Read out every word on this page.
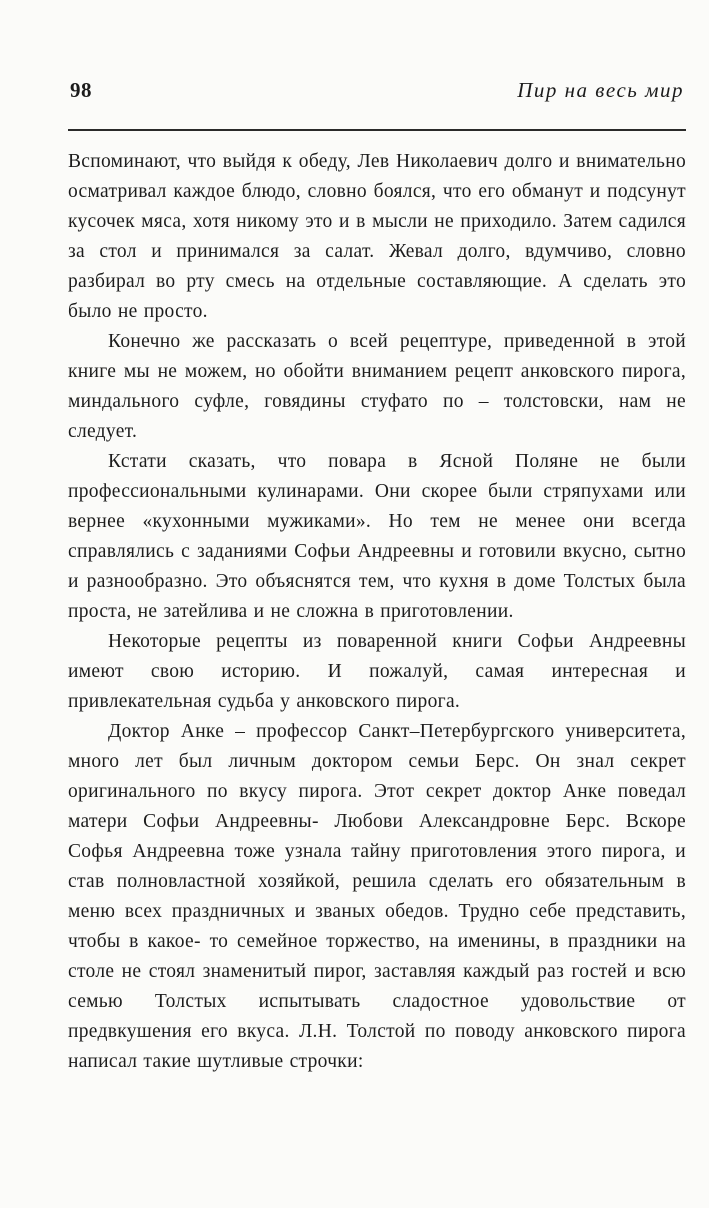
98	Пир на весь мир

Вспоминают, что выйдя к обеду, Лев Николаевич долго и внимательно осматривал каждое блюдо, словно боялся, что его обманут и подсунут кусочек мяса, хотя никому это и в мысли не приходило. Затем садился за стол и принимался за салат. Жевал долго, вдумчиво, словно разбирал во рту смесь на отдельные составляющие. А сделать это было не просто.

Конечно же рассказать о всей рецептуре, приведенной в этой книге мы не можем, но обойти вниманием рецепт анковского пирога, миндального суфле, говядины стуфато по – толстовски, нам не следует.

Кстати сказать, что повара в Ясной Поляне не были профессиональными кулинарами. Они скорее были стряпухами или вернее «кухонными мужиками». Но тем не менее они всегда справлялись с заданиями Софьи Андреевны и готовили вкусно, сытно и разнообразно. Это объяснятся тем, что кухня в доме Толстых была проста, не затейлива и не сложна в приготовлении.

Некоторые рецепты из поваренной книги Софьи Андреевны имеют свою историю. И пожалуй, самая интересная и привлекательная судьба у анковского пирога.

Доктор Анке – профессор Санкт–Петербургского университета, много лет был личным доктором семьи Берс. Он знал секрет оригинального по вкусу пирога. Этот секрет доктор Анке поведал матери Софьи Андреевны- Любови Александровне Берс. Вскоре Софья Андреевна тоже узнала тайну приготовления этого пирога, и став полновластной хозяйкой, решила сделать его обязательным в меню всех праздничных и званых обедов. Трудно себе представить, чтобы в какое- то семейное торжество, на именины, в праздники на столе не стоял знаменитый пирог, заставляя каждый раз гостей и всю семью Толстых испытывать сладостное удовольствие от предвкушения его вкуса. Л.Н. Толстой по поводу анковского пирога написал такие шутливые строчки:
